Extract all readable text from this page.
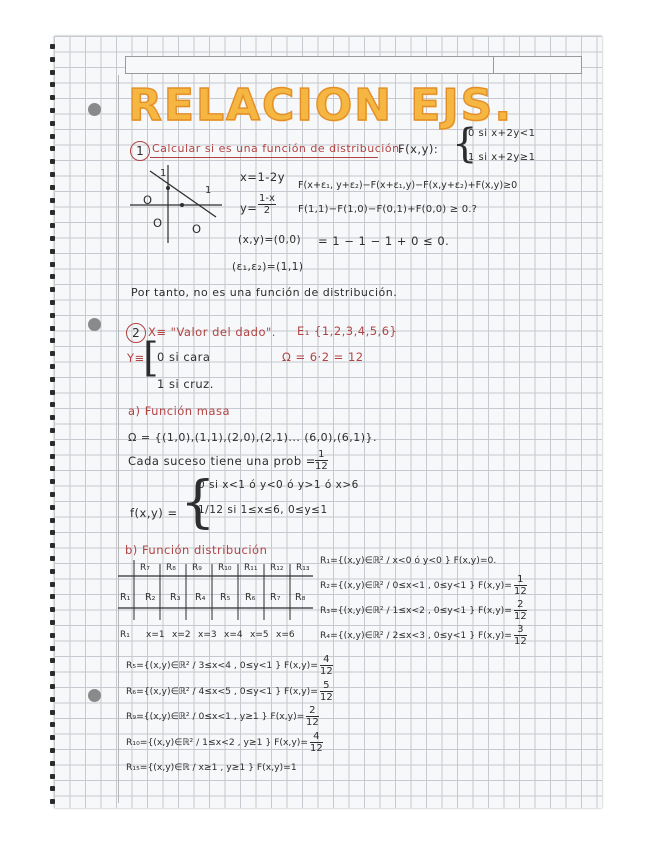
RELACION EJS.
1 Calcular si es una función de distribución.
F(x,y): {
0 si x+2y<1
1 si x+2y≥1
1
1
O
O	O
x=1-2y
$y= \frac{1-x}{2}$
F(x+ε₁, y+ε₂)−F(x+ε₁,y)−F(x,y+ε₂)+F(x,y)≥0
F(1,1)−F(1,0)−F(0,1)+F(0,0) ≥ 0.?
(x,y)=(0,0) = 1 − 1 − 1 + 0 ≤ 0.
(ε₁,ε₂)=(1,1)
Por tanto, no es una función de distribución.
2 X≡ "Valor del dado". E₁ {1,2,3,4,5,6}
Y≡
[
0 si cara
1 si cruz.
Ω = 6·2 = 12
a) Función masa
Ω = {(1,0),(1,1),(2,0),(2,1)... (6,0),(6,1)}.
Cada suceso tiene una prob = $\frac{1}{12}$
f(x,y) = {
0 si x<1 ó y<0 ó y>1 ó x>6
1/12 si 1≤x≤6, 0≤y≤1
b) Función distribución
R₇ R₈ R₉ R₁₀ R₁₁ R₁₂ R₁₃
R₁ R₂ R₃ R₄ R₅ R₆ R₇ R₈
R₁ x=1 x=2 x=3 x=4 x=5 x=6
R₁={(x,y)∈ℝ² / x<0 ó y<0 } F(x,y)=0.
R₂={(x,y)∈ℝ² / 0≤x<1 , 0≤y<1 } $F(x,y)= \frac{1}{12}$
R₃={(x,y)∈ℝ² / 1≤x<2 , 0≤y<1 } $F(x,y)= \frac{2}{12}$
R₄={(x,y)∈ℝ² / 2≤x<3 , 0≤y<1 } $F(x,y)= \frac{3}{12}$
R₅={(x,y)∈ℝ² / 3≤x<4 , 0≤y<1 } $F(x,y)= \frac{4}{12}$
R₆={(x,y)∈ℝ² / 4≤x<5 , 0≤y<1 } $F(x,y)= \frac{5}{12}$
R₉={(x,y)∈ℝ² / 0≤x<1 , y≥1 } $F(x,y)= \frac{2}{12}$
R₁₀={(x,y)∈ℝ² / 1≤x<2 , y≥1 } $F(x,y)= \frac{4}{12}$
R₁₅={(x,y)∈ℝ / x≥1 , y≥1 } F(x,y)=1
